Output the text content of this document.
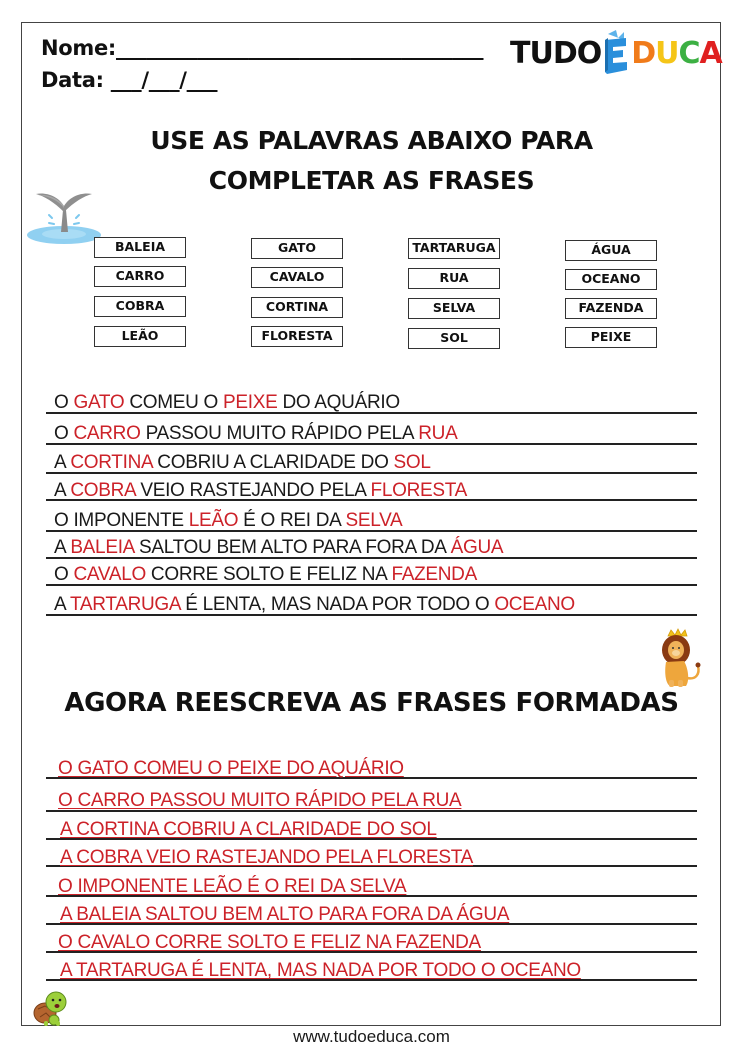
Nome:____________________________________
Data: ___/___/___
TUDO D U C A
USE AS PALAVRAS ABAIXO PARA
COMPLETAR AS FRASES
BALEIA
CARRO
COBRA
LEÃO
GATO
CAVALO
CORTINA
FLORESTA
TARTARUGA
RUA
SELVA
SOL
ÁGUA
OCEANO
FAZENDA
PEIXE
O GATO COMEU O PEIXE DO AQUÁRIO
O CARRO PASSOU MUITO RÁPIDO PELA RUA
A CORTINA COBRIU A CLARIDADE DO SOL
A COBRA VEIO RASTEJANDO PELA FLORESTA
O IMPONENTE LEÃO É O REI DA SELVA
A BALEIA SALTOU BEM ALTO PARA FORA DA ÁGUA
O CAVALO CORRE SOLTO E FELIZ NA FAZENDA
A TARTARUGA É LENTA, MAS NADA POR TODO O OCEANO
AGORA REESCREVA AS FRASES FORMADAS
O GATO COMEU O PEIXE DO AQUÁRIO
O CARRO PASSOU MUITO RÁPIDO PELA RUA
A CORTINA COBRIU A CLARIDADE DO SOL
A COBRA VEIO RASTEJANDO PELA FLORESTA
O IMPONENTE LEÃO É O REI DA SELVA
A BALEIA SALTOU BEM ALTO PARA FORA DA ÁGUA
O CAVALO CORRE SOLTO E FELIZ NA FAZENDA
A TARTARUGA É LENTA, MAS NADA POR TODO O OCEANO
www.tudoeduca.com
